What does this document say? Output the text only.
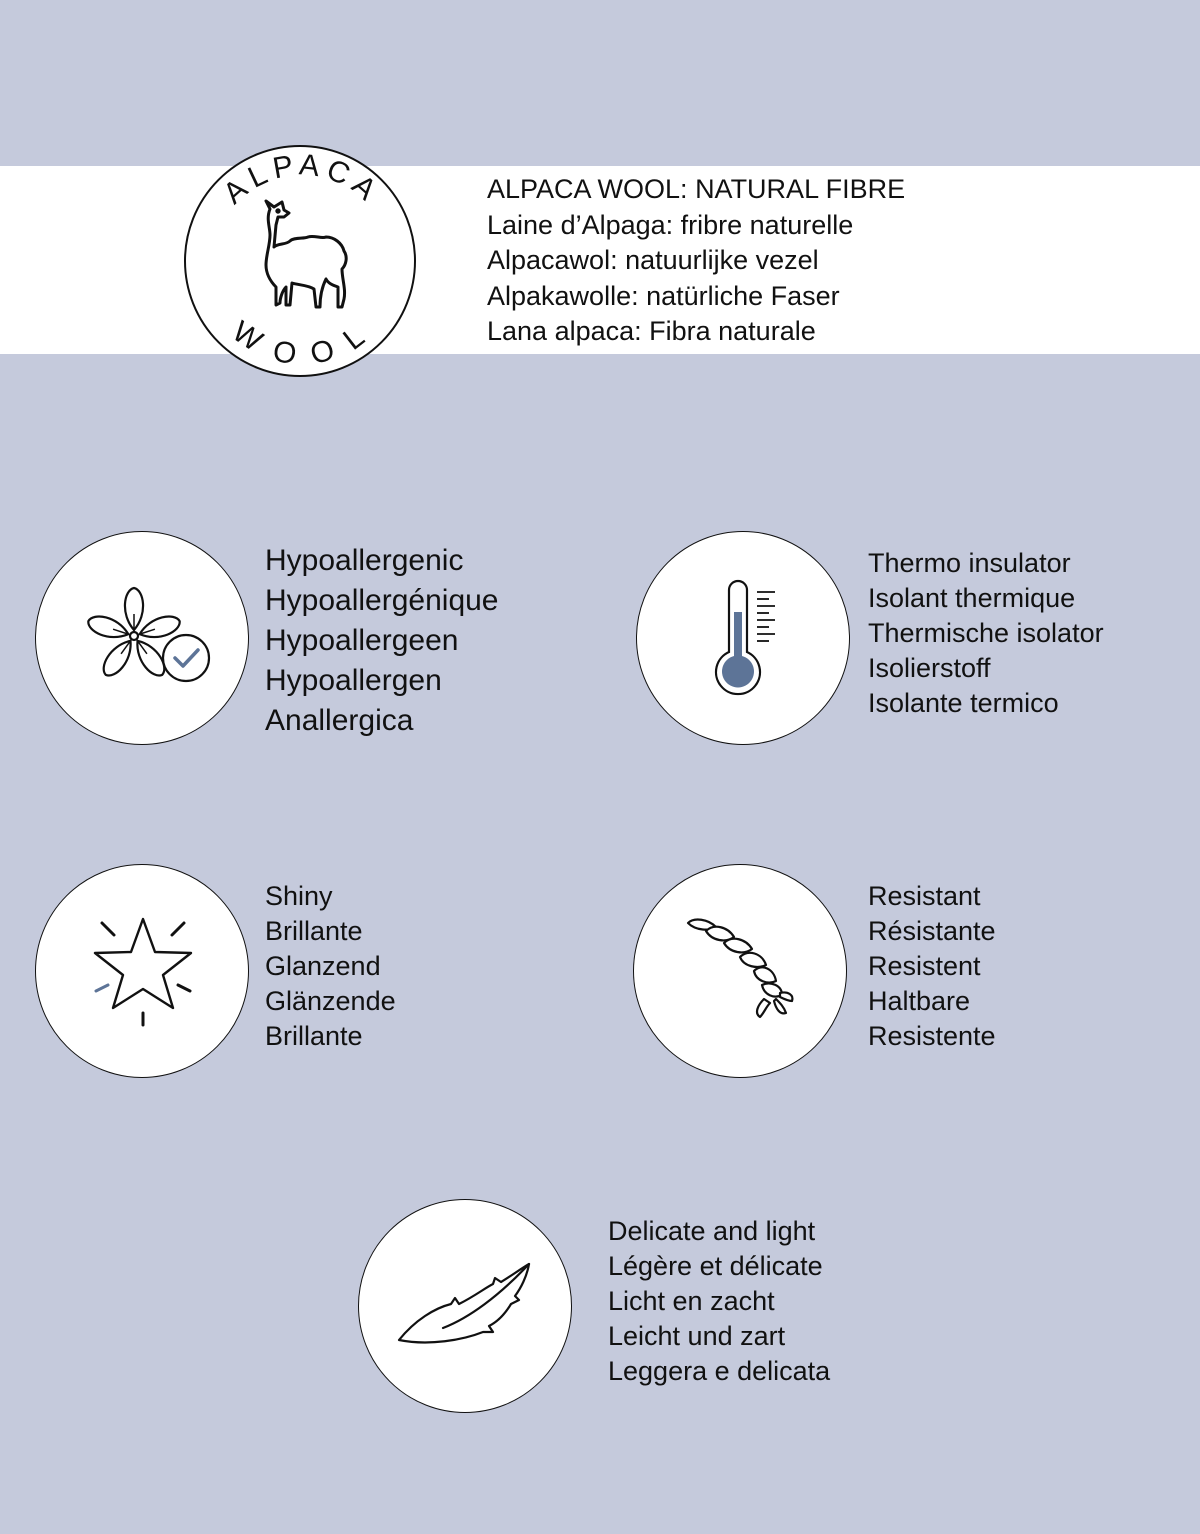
ALPACA
WOOL
ALPACA WOOL: NATURAL FIBRE
Laine d’Alpaga: fribre naturelle
Alpacawol: natuurlijke vezel
Alpakawolle: natürliche Faser
Lana alpaca: Fibra naturale
Hypoallergenic
Hypoallergénique
Hypoallergeen
Hypoallergen
Anallergica
Thermo insulator
Isolant thermique
Thermische isolator
Isolierstoff
Isolante termico
Shiny
Brillante
Glanzend
Glänzende
Brillante
Resistant
Résistante
Resistent
Haltbare
Resistente
Delicate and light
Légère et délicate
Licht en zacht
Leicht und zart
Leggera e delicata
